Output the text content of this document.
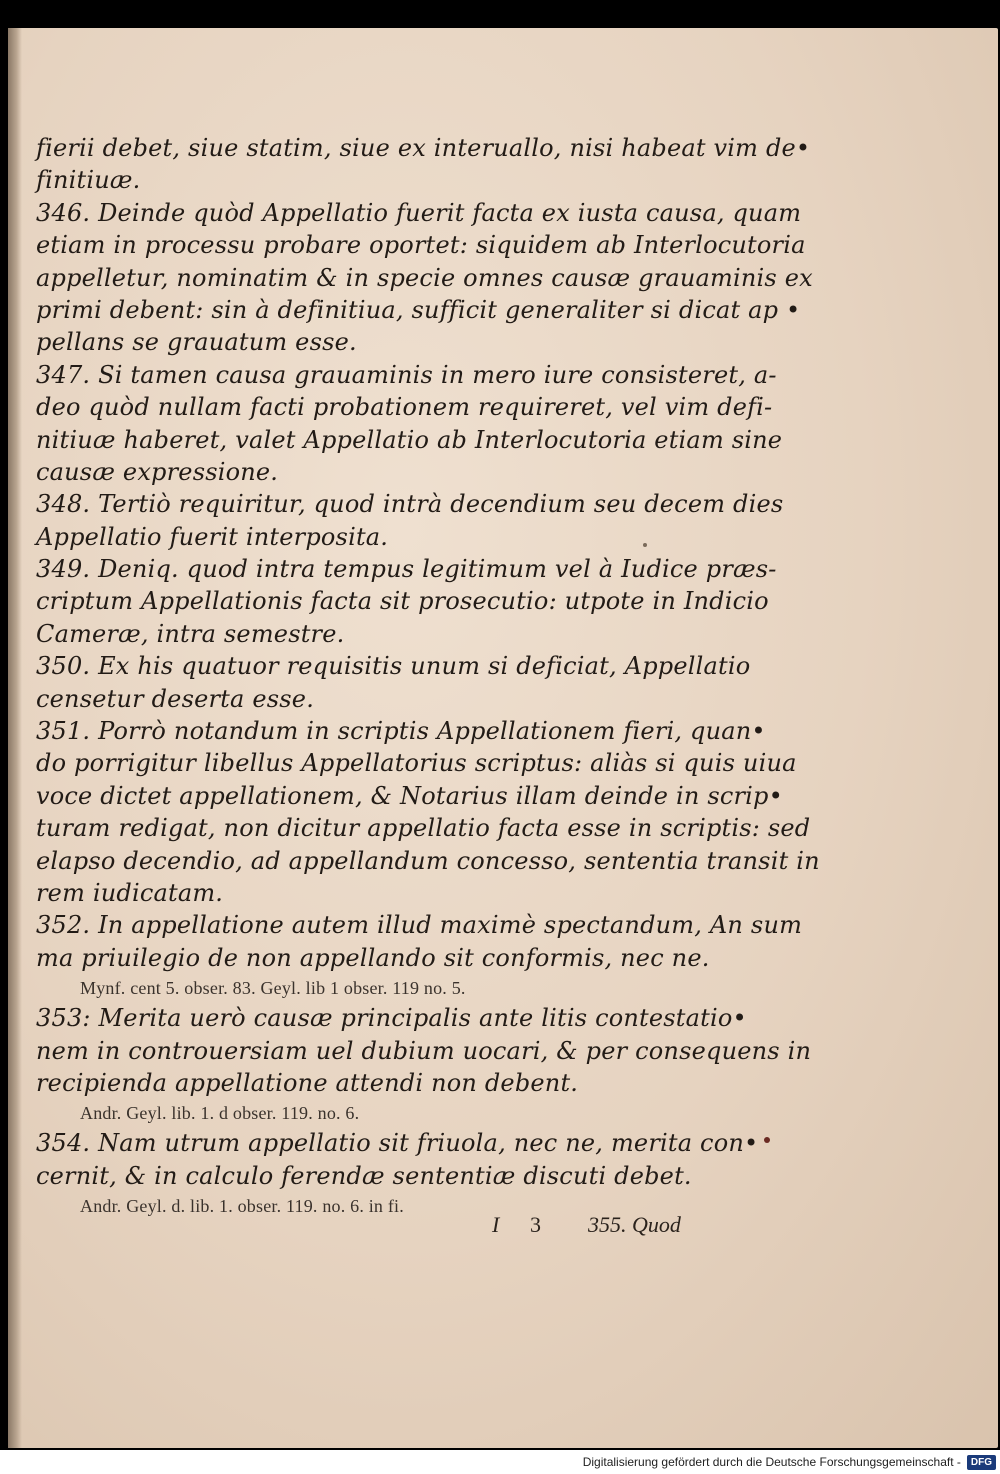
fierii debet, siue statim, siue ex interuallo, nisi habeat vim de•
finitiuæ.
346. Deinde quòd Appellatio fuerit facta ex iusta causa, quam
etiam in processu probare oportet: siquidem ab Interlocutoria
appelletur, nominatim & in specie omnes causæ grauaminis ex
primi debent: sin à definitiua, sufficit generaliter si dicat ap •
pellans se grauatum esse.
347. Si tamen causa grauaminis in mero iure consisteret, a-
deo quòd nullam facti probationem requireret, vel vim defi-
nitiuæ haberet, valet Appellatio ab Interlocutoria etiam sine
causæ expressione.
348. Tertiò requiritur, quod intrà decendium seu decem dies
Appellatio fuerit interposita.
349. Deniq. quod intra tempus legitimum vel à Iudice præs-
criptum Appellationis facta sit prosecutio: utpote in Indicio
Cameræ, intra semestre.
350. Ex his quatuor requisitis unum si deficiat, Appellatio
censetur deserta esse.
351. Porrò notandum in scriptis Appellationem fieri, quan•
do porrigitur libellus Appellatorius scriptus: aliàs si quis uiua
voce dictet appellationem, & Notarius illam deinde in scrip•
turam redigat, non dicitur appellatio facta esse in scriptis: sed
elapso decendio, ad appellandum concesso, sententia transit in
rem iudicatam.
352. In appellatione autem illud maximè spectandum, An sum
ma priuilegio de non appellando sit conformis, nec ne.
Mynf. cent 5. obser. 83. Geyl. lib 1 obser. 119 no. 5.
353: Merita uerò causæ principalis ante litis contestatio•
nem in controuersiam uel dubium uocari, & per consequens in
recipienda appellatione attendi non debent.
Andr. Geyl. lib. 1. d obser. 119. no. 6.
354. Nam utrum appellatio sit friuola, nec ne, merita con•
cernit, & in calculo ferendæ sententiæ discuti debet.
Andr. Geyl. d. lib. 1. obser. 119. no. 6. in fi.
I 3 355. Quod
Digitalisierung gefördert durch die Deutsche Forschungsgemeinschaft -	DFG
